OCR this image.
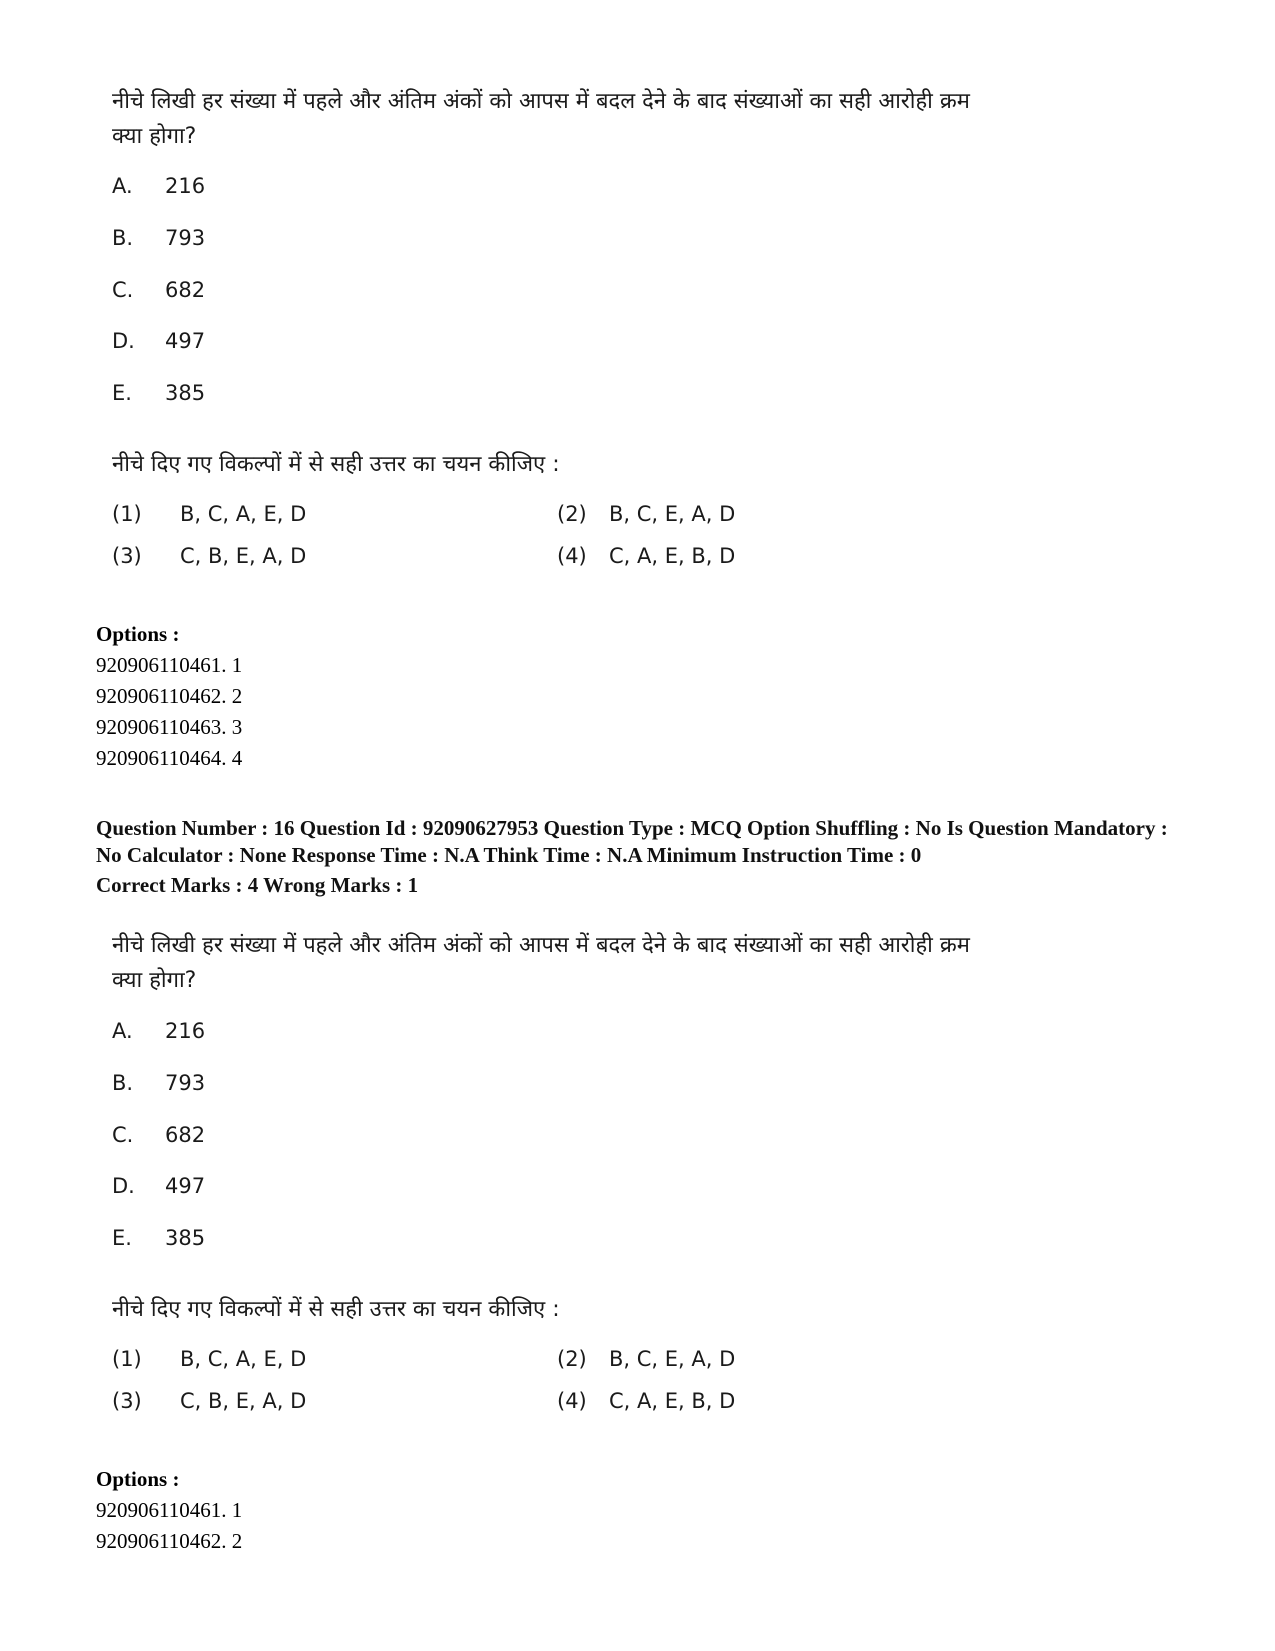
नीचे लिखी हर संख्या में पहले और अंतिम अंकों को आपस में बदल देने के बाद संख्याओं का सही आरोही क्रम क्या होगा?

A. 216
B. 793
C. 682
D. 497
E. 385
नीचे दिए गए विकल्पों में से सही उत्तर का चयन कीजिए :
(1) B, C, A, E, D	(2) B, C, E, A, D
(3) C, B, E, A, D	(4) C, A, E, B, D

Options :

920906110461. 1

920906110462. 2

920906110463. 3

920906110464. 4

Question Number : 16 Question Id : 92090627953 Question Type : MCQ Option Shuffling : No Is Question Mandatory : No Calculator : None Response Time : N.A Think Time : N.A Minimum Instruction Time : 0

Correct Marks : 4 Wrong Marks : 1

नीचे लिखी हर संख्या में पहले और अंतिम अंकों को आपस में बदल देने के बाद संख्याओं का सही आरोही क्रम क्या होगा?

A. 216
B. 793
C. 682
D. 497
E. 385
नीचे दिए गए विकल्पों में से सही उत्तर का चयन कीजिए :
(1) B, C, A, E, D	(2) B, C, E, A, D
(3) C, B, E, A, D	(4) C, A, E, B, D

Options :

920906110461. 1

920906110462. 2
